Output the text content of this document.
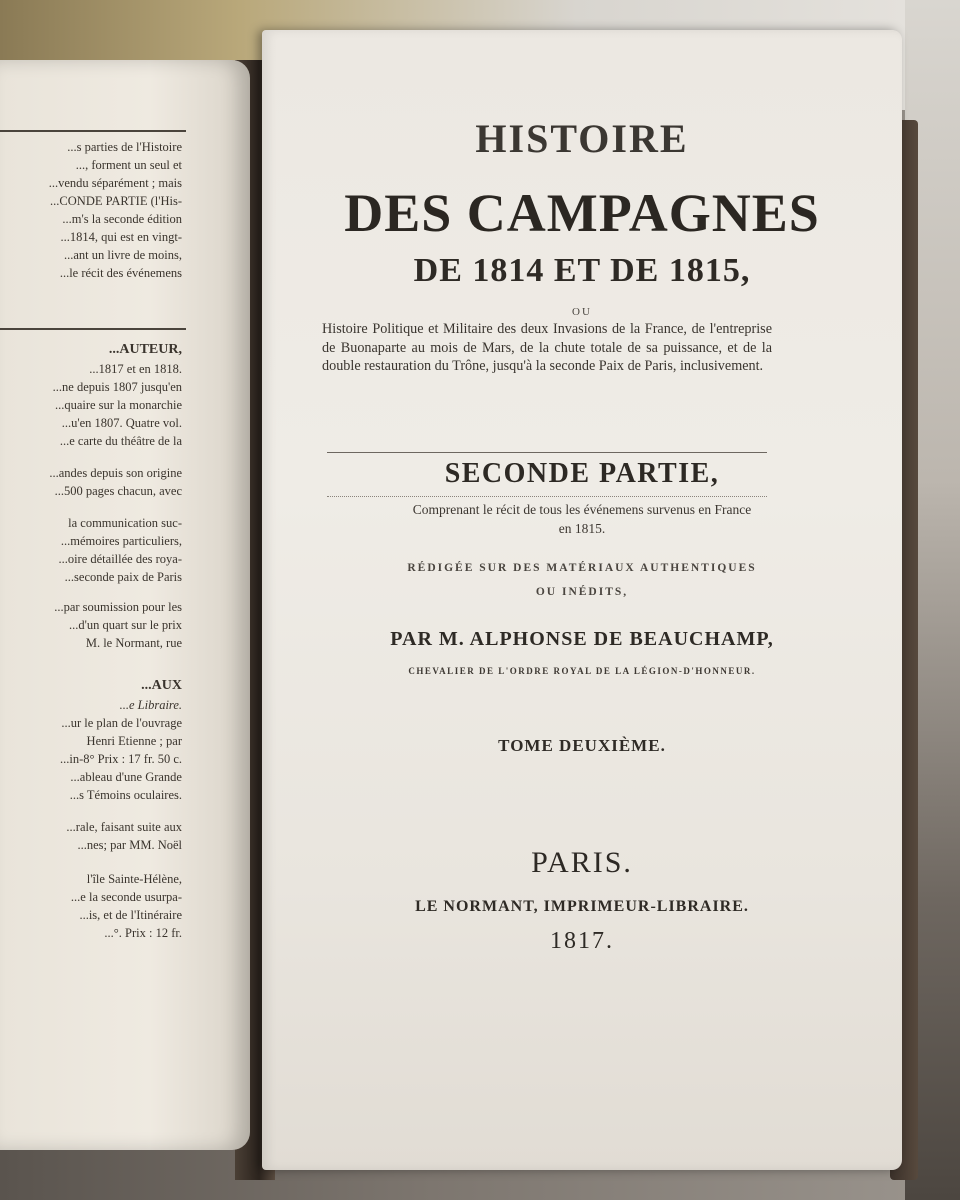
...s parties de l'Histoire
..., forment un seul et
...vendu séparément ; mais
...CONDE PARTIE (l'His-
...m's la seconde édition
...1814, qui est en vingt-
...ant un livre de moins,
...le récit des événemens
...AUTEUR,
...1817 et en 1818.
...ne depuis 1807 jusqu'en
...quaire sur la monarchie
...u'en 1807. Quatre vol.
...e carte du théâtre de la
...andes depuis son origine
...500 pages chacun, avec
la communication suc-
...mémoires particuliers,
...oire détaillée des roya-
...seconde paix de Paris
...par soumission pour les
...d'un quart sur le prix
M. le Normant, rue
...AUX
...e Libraire.
...ur le plan de l'ouvrage
Henri Etienne ; par
...in-8° Prix : 17 fr. 50 c.
...ableau d'une Grande
...s Témoins oculaires.
...rale, faisant suite aux
...nes; par MM. Noël
l'île Sainte-Hélène,
...e la seconde usurpa-
...is, et de l'Itinéraire
...°. Prix : 12 fr.
HISTOIRE
DES CAMPAGNES
DE 1814 ET DE 1815,
OU
Histoire Politique et Militaire des deux Invasions de la France, de l'entreprise de Buonaparte au mois de Mars, de la chute totale de sa puissance, et de la double restauration du Trône, jusqu'à la seconde Paix de Paris, inclusivement.
SECONDE PARTIE,
Comprenant le récit de tous les événemens survenus en France
en 1815.
RÉDIGÉE SUR DES MATÉRIAUX AUTHENTIQUES
OU INÉDITS,
PAR M. ALPHONSE DE BEAUCHAMP,
CHEVALIER DE L'ORDRE ROYAL DE LA LÉGION-D'HONNEUR.
TOME DEUXIÈME.
PARIS.
LE NORMANT, IMPRIMEUR-LIBRAIRE.
1817.
